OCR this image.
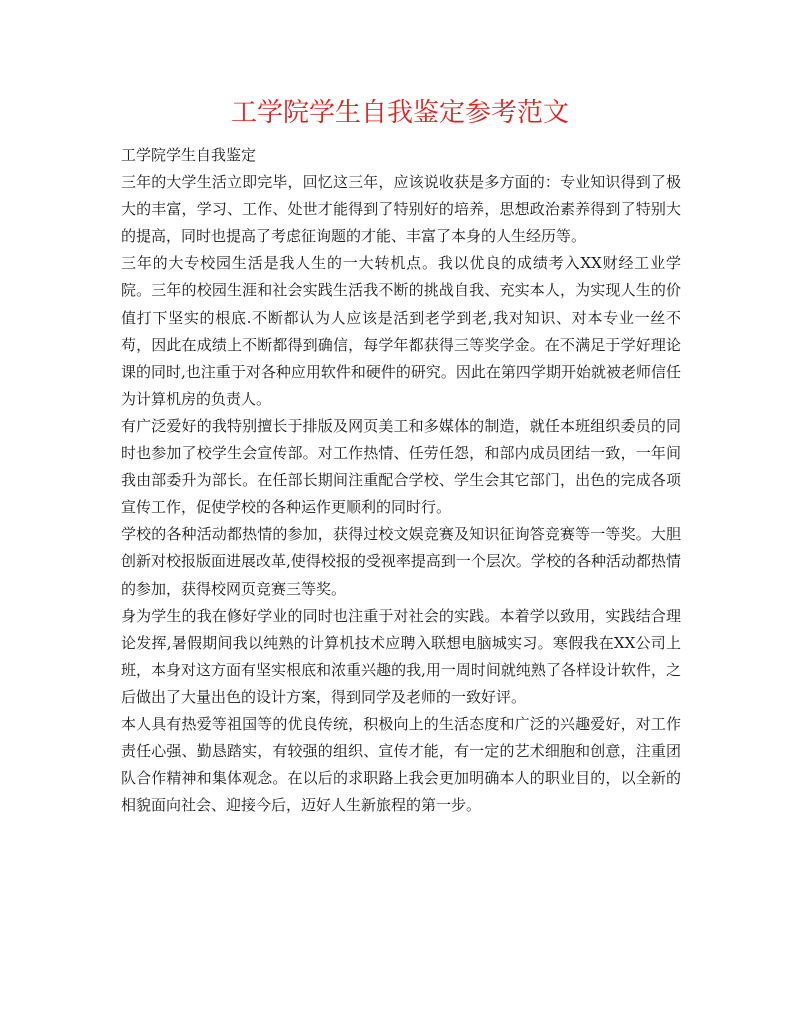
工学院学生自我鉴定参考范文

工学院学生自我鉴定

三年的大学生活立即完毕，回忆这三年，应该说收获是多方面的：专业知识得到了极大的丰富，学习、工作、处世才能得到了特别好的培养，思想政治素养得到了特别大的提高，同时也提高了考虑征询题的才能、丰富了本身的人生经历等。

三年的大专校园生活是我人生的一大转机点。我以优良的成绩考入XX财经工业学院。三年的校园生涯和社会实践生活我不断的挑战自我、充实本人，为实现人生的价值打下坚实的根底.不断都认为人应该是活到老学到老,我对知识、对本专业一丝不苟，因此在成绩上不断都得到确信，每学年都获得三等奖学金。在不满足于学好理论课的同时,也注重于对各种应用软件和硬件的研究。因此在第四学期开始就被老师信任为计算机房的负责人。

有广泛爱好的我特别擅长于排版及网页美工和多媒体的制造，就任本班组织委员的同时也参加了校学生会宣传部。对工作热情、任劳任怨，和部内成员团结一致，一年间我由部委升为部长。在任部长期间注重配合学校、学生会其它部门，出色的完成各项宣传工作，促使学校的各种运作更顺利的同时行。

学校的各种活动都热情的参加，获得过校文娱竞赛及知识征询答竞赛等一等奖。大胆创新对校报版面进展改革,使得校报的受视率提高到一个层次。学校的各种活动都热情的参加，获得校网页竞赛三等奖。

身为学生的我在修好学业的同时也注重于对社会的实践。本着学以致用，实践结合理论发挥,暑假期间我以纯熟的计算机技术应聘入联想电脑城实习。寒假我在XX公司上班，本身对这方面有坚实根底和浓重兴趣的我,用一周时间就纯熟了各样设计软件，之后做出了大量出色的设计方案，得到同学及老师的一致好评。

本人具有热爱等祖国等的优良传统，积极向上的生活态度和广泛的兴趣爱好，对工作责任心强、勤恳踏实，有较强的组织、宣传才能，有一定的艺术细胞和创意，注重团队合作精神和集体观念。在以后的求职路上我会更加明确本人的职业目的，以全新的相貌面向社会、迎接今后，迈好人生新旅程的第一步。
